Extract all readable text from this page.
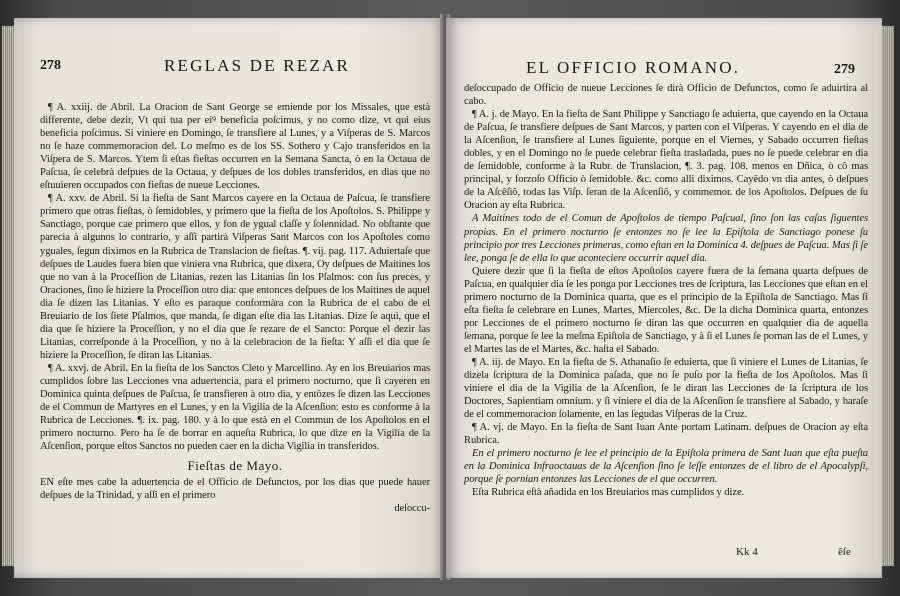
278	REGLAS DE REZAR

¶ A. xxiij. de Abril. La Oracion de Sant George se emiende por los Missales, que està differente, debe dezir, Vt qui tua per eiꝰ beneficia poſcimus, y no como dize, vt qui eius beneficia poſcimus. Si viniere en Domingo, ſe transfiere al Lunes, y a Viſperas de S. Marcos no ſe haze commemoracion del. Lo meſmo es de los SS. Sothero y Cajo transferidos en la Viſpera de S. Marcos. Ytem ſi eſtas fieſtas occurren en la Semana Sancta, ò en la Octaua de Paſcua, ſe celebrà deſpues de la Octaua, y deſpues de los dobles transferidos, en dias que no eſtuuieren occupados con fieſtas de nueue Lecciones.

¶ A. xxv. de Abril. Si la fieſta de Sant Marcos cayere en la Octaua de Paſcua, ſe transfiere primero que otras fieſtas, ò ſemidobles, y primero que la fieſta de los Apoſtolos. S. Philippe y Sanctiago, porque cae primero que ellos, y fon de ygual claſſe y ſolennidad. No obſtante que parecia à algunos lo contrario, y aſſi partirà Viſperas Sant Marcos con los Apoſtoles como yguales, ſegun diximos en la Rubrica de Translacion de fieſtas. ¶. vij. pag. 117. Aduiertaſe que deſpues de Laudes fuera bien que viniera vna Rubrica, que dixera, Oy deſpues de Maitines los que no van à la Proceſſion de Litanias, rezen las Litanias ſin los Pſalmos: con ſus preces, y Oraciones, ſino ſe hiziere la Proceſſion otro dia: que entonces deſpues de los Maitines de aquel dia ſe dizen las Litanias. Y eſto es paraque conformàra con la Rubrica de el cabo de el Breuiario de los ſiete Pſalmos, que manda, ſe digan eſte dia las Litanias. Dize ſe aquì, que el dia que ſe hiziere la Proceſſion, y no el dia que ſe rezare de el Sancto: Porque el dezir las Litanias, correſponde à la Proceſſion, y no à la celebracion de la fieſta: Y aſſi el dia que ſe hiziere la Proceſſion, ſe diran las Litanias.

¶ A. xxvj. de Abril. En la fieſta de los Sanctos Cleto y Marcellino. Ay en los Breuiarios mas cumplidos ſobre las Lecciones vna aduertencia, para el primero nocturno, que ſi cayeren en Dominica quinta deſpues de Paſcua, ſe transfieren à otro dia, y entõzes ſe dizen las Lecciones de el Commun de Martyres en el Lunes, y en la Vigilia de la Aſcenſion: esto es conforme à la Rubrica de Lecciones. ¶. ix. pag. 180. y à lo que està en el Commun de los Apoſtolos en el primero nocturno. Pero ha ſe de borrar en aqueſta Rubrica, lo que dize en la Vigilia de la Aſcenſion, porque eſtos Sanctos no pueden caer en la dicha Vigilia in transferidos.

Fieſtas de Mayo.

EN eſte mes cabe la aduertencia de el Officio de Defunctos, por los dias que puede hauer deſpues de la Trinidad, y aſſi en el primero

deſoccu-

EL OFFICIO ROMANO.	279

deſoccupado de Officio de nueue Lecciones ſe dirà Officio de Defunctos, como ſe aduirtira al cabo.

¶ A. j. de Mayo. En la fieſta de Sant Philippe y Sanctiago ſe aduierta, que cayendo en la Octaua de Paſcua, ſe transfiere deſpues de Sant Marcos, y parten con el Viſperas. Y cayendo en el dia de la Aſcenſion, ſe transfiere al Lunes ſiguiente, porque en el Viernes, y Sabado occurren fieſtas dobles, y en el Domingo no ſe puede celebrar fieſta trasladada, pues no ſe puede celebrar en dia de ſemidoble, conforme à la Rubr. de Translacion, ¶. 3. pag. 108. menos en Dñica, ò cõ mas principal, y forzoſo Officio ò ſemidoble. &c. como alli diximos. Cayēdo vn dia antes, ò deſpues de la Aſcēſiõ, todas las Viſp. ſeran de la Aſcenſiõ, y commemor. de los Apoſtolos. Deſpues de ſu Oracion ay eſta Rubrica.

A Maitines todo de el Comun de Apoſtolos de tiempo Paſcual, ſino ſon las caſas ſiguentes propias. En el primero nocturno ſe entonzes no ſe lee la Epiſtola de Sanctiago ponese ſu principio por tres Lecciones primeras, como eſtan en la Dominica 4. deſpues de Paſcua. Mas ſi ſe lee, ponga ſe de ella lo que aconteciere occurrir aquel dia.

Quiere dezir que ſi la fieſta de eſtos Apoſtolos cayere fuera de la ſemana quarta deſpues de Paſcua, en qualquier dia ſe les ponga por Lecciones tres de ſcriptura, las Lecciones que eſtan en el primero nocturno de la Dominica quarta, que es el principio de la Epiſtola de Sanctiago. Mas ſi eſta fieſta ſe celebrare en Lunes, Martes, Miercoles, &c. De la dicha Dominica quarta, entonzes por Lecciones de el primero nocturno ſe diran las que occurren en qualquier dia de aquella ſemana, porque ſe lee la meſma Epiſtola de Sanctiago, y à ſi el Lunes ſe pornan las de el Lunes, y el Martes las de el Martes, &c. haſta el Sabado.

¶ A. iij. de Mayo. En la fieſta de S. Athanaſio ſe eduierta, que ſi viniere el Lunes de Litanias, ſe dizela ſcriptura de la Dominica paſada, que no ſe puſo por la fieſta de los Apoſtolos. Mas ſi viniere el dia de la Vigilia de la Aſcenſion, ſe le diran las Lecciones de la ſcriptura de los Doctores, Sapientiam omnium. y ſi viniere el dia de la Aſcenſion ſe transfiere al Sabado, y haraſe de el commemoracion ſolamente, en las ſegudas Viſperas de la Cruz.

¶ A. vj. de Mayo. En la fieſta de Sant Iuan Ante portam Latinam. deſpues de Oracion ay eſta Rubrica.

En el primero nocturno ſe lee el principio de la Epiſtola primera de Sant Iuan que eſta pueſta en la Dominica Infraoctauas de la Aſcenſion ſino ſe leſſe entonzes de el libro de el Apocalypſi, porque ſe pornian entonzes las Lecciones de el que occurren.

Eſta Rubrica eſtà añadida en los Breuiarios mas cumplidos y dize.

Kk 4	ēſe
